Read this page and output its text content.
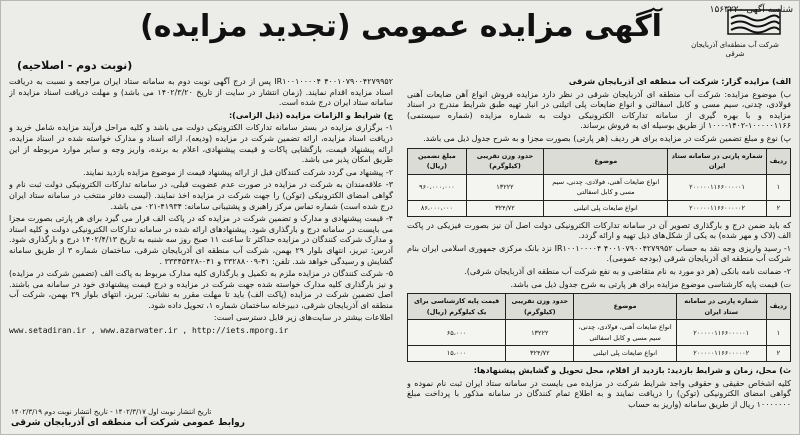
شناسه آگهی ۱۵۶۳۲۲۰
شرکت آب منطقه‌ای آذربایجان شرقی
آگهی مزایده عمومی (تجدید مزایده)
(نوبت دوم - اصلاحیه)

الف) مزایده گزار: شرکت آب منطقه ای آذربایجان شرقی

ب) موضوع مزایده: شرکت آب منطقه ای آذربایجان شرقی در نظر دارد مزایده فروش انواع آهن ضایعات آهنی فولادی، چدنی، سیم مسی و کابل اسفالتی و انواع ضایعات پلی اتیلنی در انبار تهیه طبق شرایط مندرج در اسناد مزایده و با بهره گیری از سامانه تدارکات الکترونیکی دولت به شماره مزایده (شماره سیستمی) ۱۰۰۰۰۰۱۱۶۶-۱۴۰۲-۱۰۰۰ از طریق بوسیله ای به فروش برساند.

پ) نوع و مبلغ تضمین شرکت در مزایده برای هر ردیف (هر پارتی) بصورت مجزا و به شرح جدول ذیل می باشد.

ردیف	شماره پارتی در سامانه ستاد ایران	موضوع	حدود وزن تقریبی (کیلوگرم)	مبلغ تضمین (ریال)
۱	۲۰۰۰۰۰۱۱۶۶۰۰۰۰۰۱	انواع ضایعات آهنی، فولادی، چدنی، سیم مسی و کابل اسفالتی	۱۳۲۲۲	۹۶۰،۰۰۰،۰۰۰
۲	۲۰۰۰۰۰۱۱۶۶۰۰۰۰۰۲	انواع ضایعات پلی اتیلنی	۳۲۴/۷۲	۸۶،۰۰۰،۰۰۰

که باید ضمن درج و بارگذاری تصویر آن در سامانه تدارکات الکترونیکی دولت اصل آن نیز بصورت فیزیکی در پاکت الف (لاک و مهر شده) به یکی از شکل‌های ذیل تهیه و ارائه گردد.

۱- رسید واریزی وجه نقد به حساب ۴۰۰۱۰۷۹۰۰۴۲۷۹۹۵۲ IR۱۰۰۱۰۰۰۰۴ نزد بانک مرکزی جمهوری اسلامی ایران بنام شرکت آب منطقه ای آذربایجان شرقی (بودجه عمومی).

۲- ضمانت نامه بانکی (هر دو مورد به نام متقاضی و به نفع شرکت آب منطقه ای آذربایجان شرقی).

ت) قیمت پایه کارشناسی موضوع مزایده برای هر پارتی به شرح جدول ذیل می باشد.

ردیف	شماره پارتی در سامانه ستاد ایران	موضوع	حدود وزن تقریبی (کیلوگرم)	قیمت پایه کارشناسی برای یک کیلوگرم (ریال)
۱	۲۰۰۰۰۰۱۱۶۶۰۰۰۰۰۱	انواع ضایعات آهنی، فولادی، چدنی، سیم مسی و کابل اسفالتی	۱۳۲۲۲	۶۵،۰۰۰
۲	۲۰۰۰۰۰۱۱۶۶۰۰۰۰۰۲	انواع ضایعات پلی اتیلنی	۳۲۴/۷۲	۱۵،۰۰۰

ث) محل، زمان و شرایط بازدید: بازدید از اقلام، محل تحویل و گشایش پیشنهادها:

کلیه اشخاص حقیقی و حقوقی واجد شرایط شرکت در مزایده می بایست در سامانه ستاد ایران ثبت نام نموده و گواهی امضای الکترونیکی (توکن) را دریافت نمایند و به اطلاع تمام کنندگان در سامانه مذکور با پرداخت مبلغ ۱۰۰۰۰۰۰۰ ریال از طریق سامانه (واریز به حساب

۴۰۰۱۰۷۹۰۰۴۲۷۹۹۵۲ IR۱۰۰۱۰۰۰۰۴ پس از درج آگهی نوبت دوم به سامانه ستاد ایران مراجعه و نسبت به دریافت اسناد مزایده اقدام نمایند. (زمان انتشار در سایت از تاریخ ۱۴۰۲/۳/۲۰ می باشد) و مهلت دریافت اسناد مزایده از سامانه ستاد ایران درج شده است.

ج) شرایط و الزامات مزایده (ذیل الزامی):

۱- برگزاری مزایده در بستر سامانه تدارکات الکترونیکی دولت می باشد و کلیه مراحل فرآیند مزایده شامل خرید و دریافت اسناد مزایده، ارائه تضمین شرکت در مزایده (ودیعه)، ارائه اسناد و مدارک خواسته شده در اسناد مزایده، ارائه پیشنهاد قیمت، بازگشایی پاکات و قیمت پیشنهادی، اعلام به برنده، واریز وجه و سایر موارد مربوطه از این طریق امکان پذیر می باشد.

۲- پیشنهاد می گردد شرکت کنندگان قبل از ارائه پیشنهاد قیمت از موضوع مزایده بازدید نمایند.

۳- علاقه‌مندان به شرکت در مزایده در صورت عدم عضویت قبلی، در سامانه تدارکات الکترونیکی دولت ثبت نام و گواهی امضای الکترونیکی (توکن) را جهت شرکت در مزایده اخذ نمایند. (لیست دفاتر منتخب در سامانه ستاد ایران درج شده است) شماره تماس مرکز راهبری و پشتیبانی سامانه: ۴۱۹۳۴-۰۲۱ می باشد.

۴- قیمت پیشنهادی و مدارک و تضمین شرکت در مزایده که در پاکت الف قرار می گیرد برای هر پارتی بصورت مجزا می بایست در سامانه درج و بارگذاری شود. پیشنهادهای ارائه شده در سامانه تدارکات الکترونیکی دولت و کلیه اسناد و مدارک شرکت کنندگان در مزایده حداکثر تا ساعت ۱۱ صبح روز سه شنبه به تاریخ ۱۴۰۲/۴/۱۳ درج و بارگذاری شود. آدرس: تبریز، انتهای بلوار ۲۹ بهمن، شرکت آب منطقه ای آذربایجان شرقی، ساختمان شماره ۳ از طریق سامانه گشایش و رسیدگی خواهد شد. تلفن: ۴۱-۳۳۲۸۸۰۰۹ و ۰۴۱-۳۳۳۴۵۴۲۸ .

۵- شرکت کنندگان در مزایده ملزم به تکمیل و بارگذاری کلیه مدارک مربوط به پاکت الف (تضمین شرکت در مزایده) و نیز بارگذاری کلیه مدارک خواسته شده جهت شرکت در مزایده و درج قیمت پیشنهادی خود در سامانه می باشند. اصل تضمین شرکت در مزایده (پاکت الف) باید تا مهلت مقرر به نشانی: تبریز، انتهای بلوار ۲۹ بهمن، شرکت آب منطقه ای آذربایجان شرقی، دبیرخانه ساختمان شماره ۱، تحویل داده شود.

اطلاعات بیشتر در سایت‌های زیر قابل دسترسی است:

www.setadiran.ir , www.azarwater.ir , http://iets.mporg.ir

تاریخ انتشار نوبت اول ۱۴۰۲/۳/۱۷ - تاریخ انتشار نوبت دوم ۱۴۰۲/۳/۱۹
روابط عمومی شرکت آب منطقه ای آذربایجان شرقی
